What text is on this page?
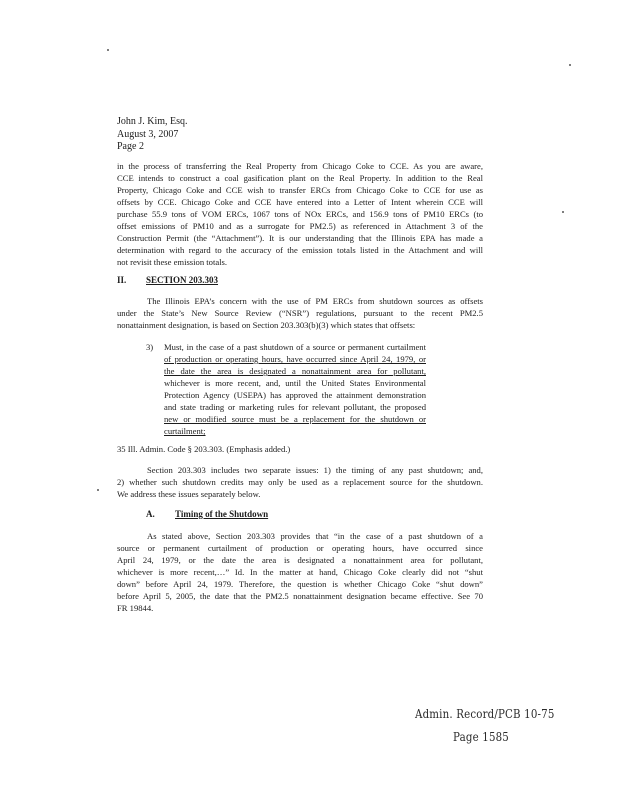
John J. Kim, Esq.
August 3, 2007
Page 2
in the process of transferring the Real Property from Chicago Coke to CCE. As you are aware,
CCE intends to construct a coal gasification plant on the Real Property. In addition to the Real
Property, Chicago Coke and CCE wish to transfer ERCs from Chicago Coke to CCE for use as
offsets by CCE. Chicago Coke and CCE have entered into a Letter of Intent wherein CCE will
purchase 55.9 tons of VOM ERCs, 1067 tons of NOx ERCs, and 156.9 tons of PM10 ERCs (to
offset emissions of PM10 and as a surrogate for PM2.5) as referenced in Attachment 3 of the
Construction Permit (the “Attachment”). It is our understanding that the Illinois EPA has made a
determination with regard to the accuracy of the emission totals listed in the Attachment and will
not revisit these emission totals.
II. SECTION 203.303
The Illinois EPA’s concern with the use of PM ERCs from shutdown sources as offsets
under the State’s New Source Review (“NSR”) regulations, pursuant to the recent PM2.5
nonattainment designation, is based on Section 203.303(b)(3) which states that offsets:
3) Must, in the case of a past shutdown of a source or permanent curtailment
of production or operating hours, have occurred since April 24, 1979, or
the date the area is designated a nonattainment area for pollutant,
whichever is more recent, and, until the United States Environmental
Protection Agency (USEPA) has approved the attainment demonstration
and state trading or marketing rules for relevant pollutant, the proposed
new or modified source must be a replacement for the shutdown or
curtailment;
35 Ill. Admin. Code § 203.303. (Emphasis added.)
Section 203.303 includes two separate issues: 1) the timing of any past shutdown; and,
2) whether such shutdown credits may only be used as a replacement source for the shutdown.
We address these issues separately below.
A. Timing of the Shutdown
As stated above, Section 203.303 provides that “in the case of a past shutdown of a
source or permanent curtailment of production or operating hours, have occurred since
April 24, 1979, or the date the area is designated a nonattainment area for pollutant,
whichever is more recent,…” Id. In the matter at hand, Chicago Coke clearly did not “shut
down” before April 24, 1979. Therefore, the question is whether Chicago Coke “shut down”
before April 5, 2005, the date that the PM2.5 nonattainment designation became effective. See 70
FR 19844.
Admin. Record/PCB 10-75
Page 1585
